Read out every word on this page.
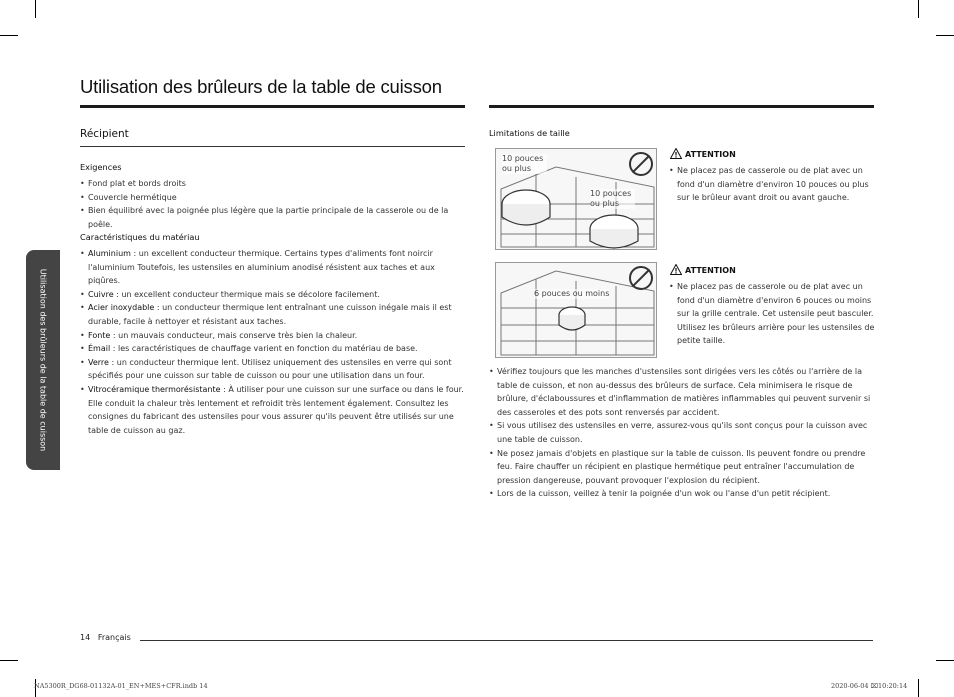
Utilisation des brûleurs de la table de cuisson
Utilisation des brûleurs de la table de cuisson
Récipient
Exigences
• Fond plat et bords droits
• Couvercle hermétique
• Bien équilibré avec la poignée plus légère que la partie principale de la casserole ou de la poêle.
Caractéristiques du matériau
• Aluminium : un excellent conducteur thermique. Certains types d'aliments font noircir l'aluminium Toutefois, les ustensiles en aluminium anodisé résistent aux taches et aux piqûres.
• Cuivre : un excellent conducteur thermique mais se décolore facilement.
• Acier inoxydable : un conducteur thermique lent entraînant une cuisson inégale mais il est durable, facile à nettoyer et résistant aux taches.
• Fonte : un mauvais conducteur, mais conserve très bien la chaleur.
• Émail : les caractéristiques de chauffage varient en fonction du matériau de base.
• Verre : un conducteur thermique lent. Utilisez uniquement des ustensiles en verre qui sont spécifiés pour une cuisson sur table de cuisson ou pour une utilisation dans un four.
• Vitrocéramique thermorésistante : À utiliser pour une cuisson sur une surface ou dans le four. Elle conduit la chaleur très lentement et refroidit très lentement également. Consultez les consignes du fabricant des ustensiles pour vous assurer qu'ils peuvent être utilisés sur une table de cuisson au gaz.
Limitations de taille
10 pouces ou plus
10 pouces ou plus
6 pouces ou moins
ATTENTION
• Ne placez pas de casserole ou de plat avec un fond d'un diamètre d'environ 10 pouces ou plus sur le brûleur avant droit ou avant gauche.
ATTENTION
• Ne placez pas de casserole ou de plat avec un fond d'un diamètre d'environ 6 pouces ou moins sur la grille centrale. Cet ustensile peut basculer. Utilisez les brûleurs arrière pour les ustensiles de petite taille.
• Vérifiez toujours que les manches d'ustensiles sont dirigées vers les côtés ou l'arrière de la table de cuisson, et non au-dessus des brûleurs de surface. Cela minimisera le risque de brûlure, d'éclaboussures et d'inflammation de matières inflammables qui peuvent survenir si des casseroles et des pots sont renversés par accident.
• Si vous utilisez des ustensiles en verre, assurez-vous qu'ils sont conçus pour la cuisson avec une table de cuisson.
• Ne posez jamais d'objets en plastique sur la table de cuisson. Ils peuvent fondre ou prendre feu. Faire chauffer un récipient en plastique hermétique peut entraîner l'accumulation de pression dangereuse, pouvant provoquer l'explosion du récipient.
• Lors de la cuisson, veillez à tenir la poignée d'un wok ou l'anse d'un petit récipient.
14 Français
NA5300R_DG68-01132A-01_EN+MES+CFR.indb 14	2020-06-04 ⌧10:20:14
